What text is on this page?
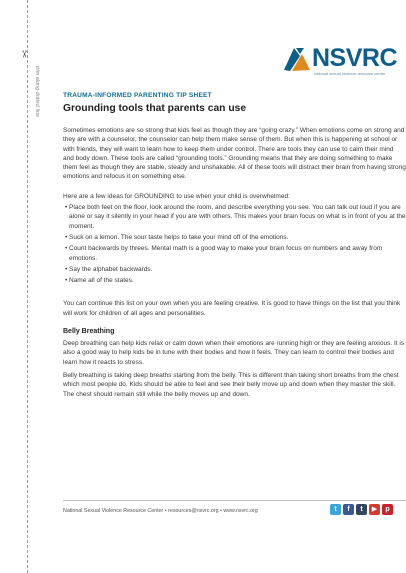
✂
trim along dotted line
NSVRC
national sexual violence resource center
TRAUMA-INFORMED PARENTING TIP SHEET
Grounding tools that parents can use

Sometimes emotions are so strong that kids feel as though they are “going crazy.” When emotions come on strong and they are with a counselor, the counselor can help them make sense of them. But when this is happening at school or with friends, they will want to learn how to keep them under control. There are tools they can use to calm their mind and body down. These tools are called “grounding tools.” Grounding means that they are doing something to make them feel as though they are stable, steady and unshakable. All of these tools will distract their brain from having strong emotions and refocus it on something else.

Here are a few ideas for GROUNDING to use when your child is overwhelmed:

• Place both feet on the floor, look around the room, and describe everything you see. You can talk out loud if you are alone or say it silently in your head if you are with others. This makes your brain focus on what is in front of you at the moment.
• Suck on a lemon. The sour taste helps to take your mind off of the emotions.
• Count backwards by threes. Mental math is a good way to make your brain focus on numbers and away from emotions.
• Say the alphabet backwards.
• Name all of the states.

You can continue this list on your own when you are feeling creative. It is good to have things on the list that you think will work for children of all ages and personalities.

Belly Breathing

Deep breathing can help kids relax or calm down when their emotions are running high or they are feeling anxious. It is also a good way to help kids be in tune with their bodies and how it feels. They can learn to control their bodies and learn how it reacts to stress.

Belly breathing is taking deep breaths starting from the belly. This is different than taking short breaths from the chest which most people do. Kids should be able to feel and see their belly move up and down when they master the skill. The chest should remain still while the belly moves up and down.

National Sexual Violence Resource Center • resources@nsvrc.org • www.nsvrc.org	t f t ▶ p
